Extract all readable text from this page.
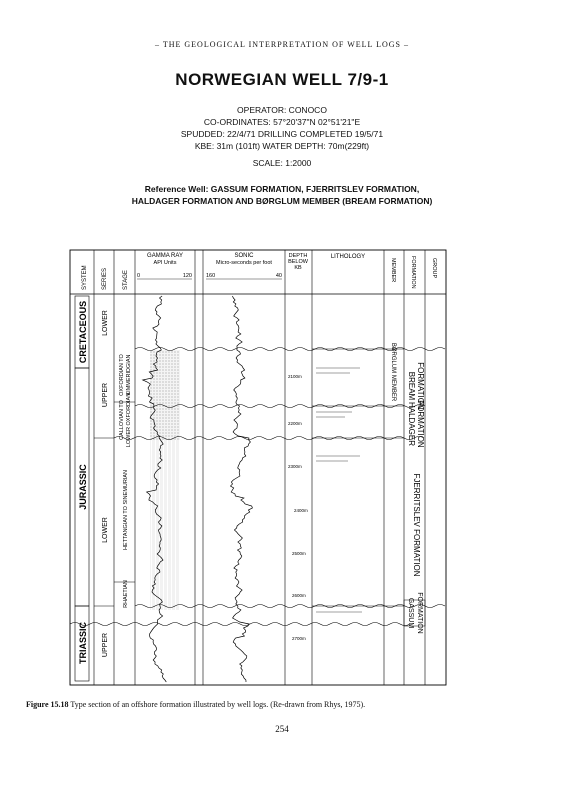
– THE GEOLOGICAL INTERPRETATION OF WELL LOGS –
NORWEGIAN WELL 7/9-1
OPERATOR: CONOCO
CO-ORDINATES: 57°20'37"N 02°51'21"E
SPUDDED: 22/4/71 DRILLING COMPLETED 19/5/71
KBE: 31m (101ft) WATER DEPTH: 70m(229ft)
SCALE: 1:2000
Reference Well: GASSUM FORMATION, FJERRITSLEV FORMATION,
HALDAGER FORMATION AND BØRGLUM MEMBER (BREAM FORMATION)
SYSTEM SERIES	STAGE
GAMMA RAY
API Units
0	120
SONIC
Micro-seconds per foot
160	40
DEPTH
BELOW
KB
LITHOLOGY
MEMBER	FORMATION	GROUP
CRETACEOUS
JURASSIC
TRIASSIC
LOWER
UPPER
LOWER
UPPER
OXFORDIAN TO KIMMERIDGIAN
CALLOVIAN TO LOWER OXFORDIAN
HETTANGIAN TO SINEMURIAN
RHAETIAN
2100m
2200m
2300m
2400m
2500m
2600m
2700m
BREAM FORMATION
BØRGLUM MEMBER
HALDAGER FORMATION
FJERRITSLEV FORMATION
GASSUM FORMATION
Figure 15.18 Type section of an offshore formation illustrated by well logs. (Re-drawn from Rhys, 1975).
254
